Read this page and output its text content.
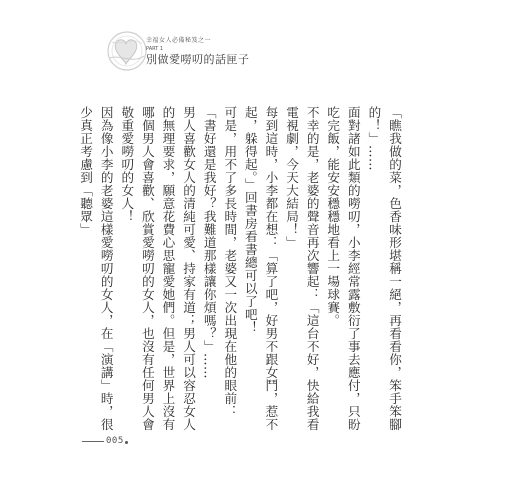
幸福女人必備秘笈之一
PART 1
別做愛嘮叨的話匣子

「瞧我做的菜，色香味形堪稱一絕，再看看你，笨手笨腳的！」……

面對諸如此類的嘮叨，小李經常露敷衍了事去應付，只盼吃完飯，能安安穩穩地看上一場球賽。

不幸的是，老婆的聲音再次響起：「這台不好，快給我看電視劇，今天大結局！」

每到這時，小李都在想：「算了吧，好男不跟女鬥，惹不起，躲得起。」回書房看書總可以了吧！

可是，用不了多長時間，老婆又一次出現在他的眼前：「書好還是我好？我難道那樣讓你煩嗎？」……

男人喜歡女人的清純可愛、持家有道；男人可以容忍女人的無理要求，願意花費心思寵愛她們。但是，世界上沒有哪個男人會喜歡、欣賞愛嘮叨的女人，也沒有任何男人會敬重愛嘮叨的女人！

因為像小李的老婆這樣愛嘮叨的女人，在「演講」時，很少真正考慮到「聽眾」

005
